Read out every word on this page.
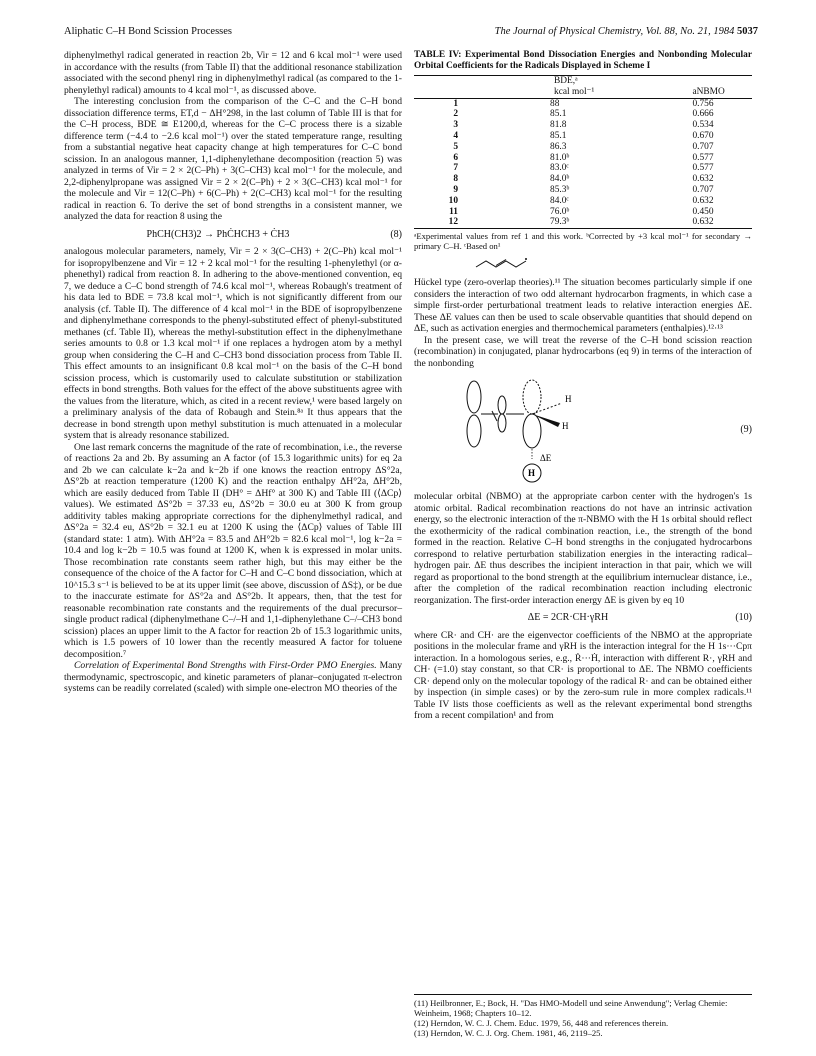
Aliphatic C–H Bond Scission Processes	The Journal of Physical Chemistry, Vol. 88, No. 21, 1984 5037

diphenylmethyl radical generated in reaction 2b, Vir = 12 and 6 kcal mol⁻¹ were used in accordance with the results (from Table II) that the additional resonance stabilization associated with the second phenyl ring in diphenylmethyl radical (as compared to the 1-phenylethyl radical) amounts to 4 kcal mol⁻¹, as discussed above.

The interesting conclusion from the comparison of the C–C and the C–H bond dissociation difference terms, ET,d − ΔH°298, in the last column of Table III is that for the C–H process, BDE ≅ E1200,d, whereas for the C–C process there is a sizable difference term (−4.4 to −2.6 kcal mol⁻¹) over the stated temperature range, resulting from a substantial negative heat capacity change at high temperatures for C–C bond scission. In an analogous manner, 1,1-diphenylethane decomposition (reaction 5) was analyzed in terms of Vir = 2 × 2(C–Ph) + 3(C–CH3) kcal mol⁻¹ for the molecule, and 2,2-diphenylpropane was assigned Vir = 2 × 2(C–Ph) + 2 × 3(C–CH3) kcal mol⁻¹ for the molecule and Vir = 12(C–Ph) + 6(C–Ph) + 2(C–CH3) kcal mol⁻¹ for the resulting radical in reaction 6. To derive the set of bond strengths in a consistent manner, we analyzed the data for reaction 8 using the

PhCH(CH3)2 → PhĊHCH3 + ĊH3	(8)

analogous molecular parameters, namely, Vir = 2 × 3(C–CH3) + 2(C–Ph) kcal mol⁻¹ for isopropylbenzene and Vir = 12 + 2 kcal mol⁻¹ for the resulting 1-phenylethyl (or α-phenethyl) radical from reaction 8. In adhering to the above-mentioned convention, eq 7, we deduce a C–C bond strength of 74.6 kcal mol⁻¹, whereas Robaugh's treatment of his data led to BDE = 73.8 kcal mol⁻¹, which is not significantly different from our analysis (cf. Table II). The difference of 4 kcal mol⁻¹ in the BDE of isopropylbenzene and diphenylmethane corresponds to the phenyl-substituted effect of phenyl-substituted methanes (cf. Table II), whereas the methyl-substitution effect in the diphenylmethane series amounts to 0.8 or 1.3 kcal mol⁻¹ if one replaces a hydrogen atom by a methyl group when considering the C–H and C–CH3 bond dissociation process from Table II. This effect amounts to an insignificant 0.8 kcal mol⁻¹ on the basis of the C–H bond scission process, which is customarily used to calculate substitution or stabilization effects in bond strengths. Both values for the effect of the above substituents agree with the values from the literature, which, as cited in a recent review,¹ were based largely on a preliminary analysis of the data of Robaugh and Stein.⁸ᵃ It thus appears that the decrease in bond strength upon methyl substitution is much attenuated in a molecular system that is already resonance stabilized.

One last remark concerns the magnitude of the rate of recombination, i.e., the reverse of reactions 2a and 2b. By assuming an A factor (of 15.3 logarithmic units) for eq 2a and 2b we can calculate k−2a and k−2b if one knows the reaction entropy ΔS°2a, ΔS°2b at reaction temperature (1200 K) and the reaction enthalpy ΔH°2a, ΔH°2b, which are easily deduced from Table II (DH° = ΔHf° at 300 K) and Table III (⟨ΔCp⟩ values). We estimated ΔS°2b = 37.33 eu, ΔS°2b = 30.0 eu at 300 K from group additivity tables making appropriate corrections for the diphenylmethyl radical, and ΔS°2a = 32.4 eu, ΔS°2b = 32.1 eu at 1200 K using the ⟨ΔCp⟩ values of Table III (standard state: 1 atm). With ΔH°2a = 83.5 and ΔH°2b = 82.6 kcal mol⁻¹, log k−2a = 10.4 and log k−2b = 10.5 was found at 1200 K, when k is expressed in molar units. Those recombination rate constants seem rather high, but this may either be the consequence of the choice of the A factor for C–H and C–C bond dissociation, which at 10^15.3 s⁻¹ is believed to be at its upper limit (see above, discussion of ΔS‡), or be due to the inaccurate estimate for ΔS°2a and ΔS°2b. It appears, then, that the test for reasonable recombination rate constants and the requirements of the dual precursor–single product radical (diphenylmethane C–/–H and 1,1-diphenylethane C–/–CH3 bond scission) places an upper limit to the A factor for reaction 2b of 15.3 logarithmic units, which is 1.5 powers of 10 lower than the recently measured A factor for toluene decomposition.⁷

Correlation of Experimental Bond Strengths with First-Order PMO Energies. Many thermodynamic, spectroscopic, and kinetic parameters of planar–conjugated π-electron systems can be readily correlated (scaled) with simple one-electron MO theories of the

TABLE IV: Experimental Bond Dissociation Energies and Nonbonding Molecular Orbital Coefficients for the Radicals Displayed in Scheme I
	BDE,ᵃ	
	kcal mol⁻¹	aNBMO
1	88	0.756
2	85.1	0.666
3	81.8	0.534
4	85.1	0.670
5	86.3	0.707
6	81.0ᵇ	0.577
7	83.0ᶜ	0.577
8	84.0ᵇ	0.632
9	85.3ᵇ	0.707
10	84.0ᶜ	0.632
11	76.0ᵇ	0.450
12	79.3ᵇ	0.632
ᵃExperimental values from ref 1 and this work. ᵇCorrected by +3 kcal mol⁻¹ for secondary → primary C–H. ᶜBased on¹

Hückel type (zero-overlap theories).¹¹ The situation becomes particularly simple if one considers the interaction of two odd alternant hydrocarbon fragments, in which case a simple first-order perturbational treatment leads to relative interaction energies ΔE. These ΔE values can then be used to scale observable quantities that should depend on ΔE, such as activation energies and thermochemical parameters (enthalpies).¹²·¹³

In the present case, we will treat the reverse of the C–H bond scission reaction (recombination) in conjugated, planar hydrocarbons (eq 9) in terms of the interaction of the nonbonding

H
H
ΔE
H
(9)

molecular orbital (NBMO) at the appropriate carbon center with the hydrogen's 1s atomic orbital. Radical recombination reactions do not have an intrinsic activation energy, so the electronic interaction of the π-NBMO with the H 1s orbital should reflect the exothermicity of the radical combination reaction, i.e., the strength of the bond formed in the reaction. Relative C–H bond strengths in the conjugated hydrocarbons correspond to relative perturbation stabilization energies in the interacting radical–hydrogen pair. ΔE thus describes the incipient interaction in that pair, which we will regard as proportional to the bond strength at the equilibrium internuclear distance, i.e., after the completion of the radical recombination reaction including electronic reorganization. The first-order interaction energy ΔE is given by eq 10

ΔE = 2CR·CH·γRH	(10)

where CR· and CH· are the eigenvector coefficients of the NBMO at the appropriate positions in the molecular frame and γRH is the interaction integral for the H 1s···Cpπ interaction. In a homologous series, e.g., Ṙ···Ḣ, interaction with different R·, γRH and CH· (=1.0) stay constant, so that CR· is proportional to ΔE. The NBMO coefficients CR· depend only on the molecular topology of the radical R· and can be obtained either by inspection (in simple cases) or by the zero-sum rule in more complex radicals.¹¹ Table IV lists those coefficients as well as the relevant experimental bond strengths from a recent compilation¹ and from

(11) Heilbronner, E.; Bock, H. "Das HMO-Modell und seine Anwendung"; Verlag Chemie: Weinheim, 1968; Chapters 10–12.
(12) Herndon, W. C. J. Chem. Educ. 1979, 56, 448 and references therein.
(13) Herndon, W. C. J. Org. Chem. 1981, 46, 2119–25.
